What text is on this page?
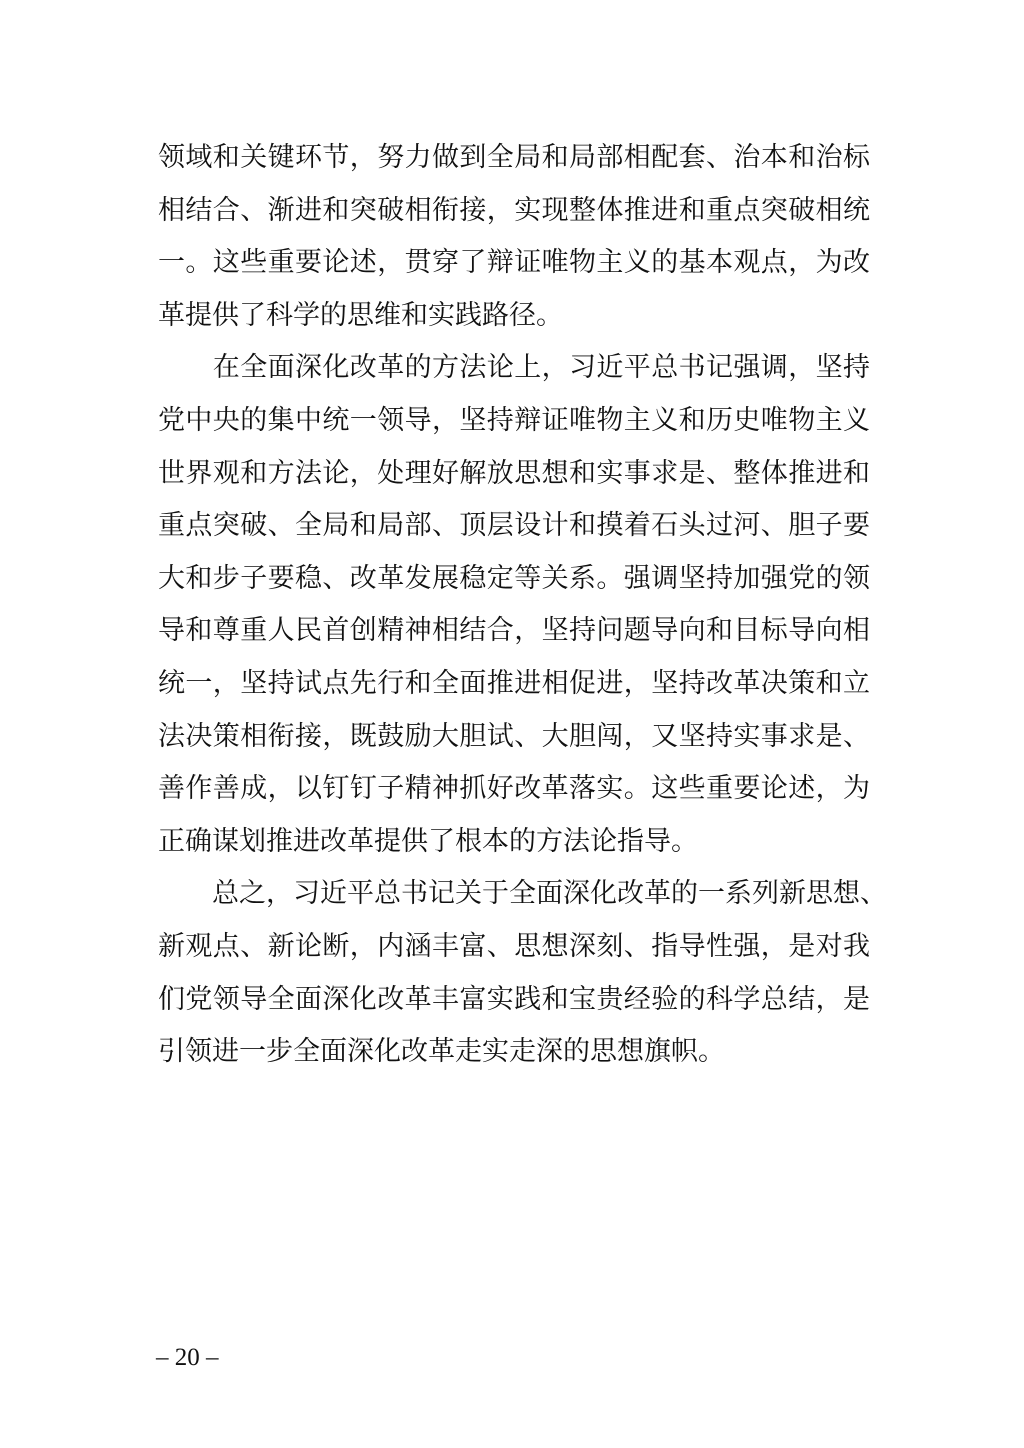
领域和关键环节，努力做到全局和局部相配套、治本和治标
相结合、渐进和突破相衔接，实现整体推进和重点突破相统
一。这些重要论述，贯穿了辩证唯物主义的基本观点，为改
革提供了科学的思维和实践路径。
　　在全面深化改革的方法论上，习近平总书记强调，坚持
党中央的集中统一领导，坚持辩证唯物主义和历史唯物主义
世界观和方法论，处理好解放思想和实事求是、整体推进和
重点突破、全局和局部、顶层设计和摸着石头过河、胆子要
大和步子要稳、改革发展稳定等关系。强调坚持加强党的领
导和尊重人民首创精神相结合，坚持问题导向和目标导向相
统一，坚持试点先行和全面推进相促进，坚持改革决策和立
法决策相衔接，既鼓励大胆试、大胆闯，又坚持实事求是、
善作善成，以钉钉子精神抓好改革落实。这些重要论述，为
正确谋划推进改革提供了根本的方法论指导。
　　总之，习近平总书记关于全面深化改革的一系列新思想、
新观点、新论断，内涵丰富、思想深刻、指导性强，是对我
们党领导全面深化改革丰富实践和宝贵经验的科学总结，是
引领进一步全面深化改革走实走深的思想旗帜。
– 20 –
